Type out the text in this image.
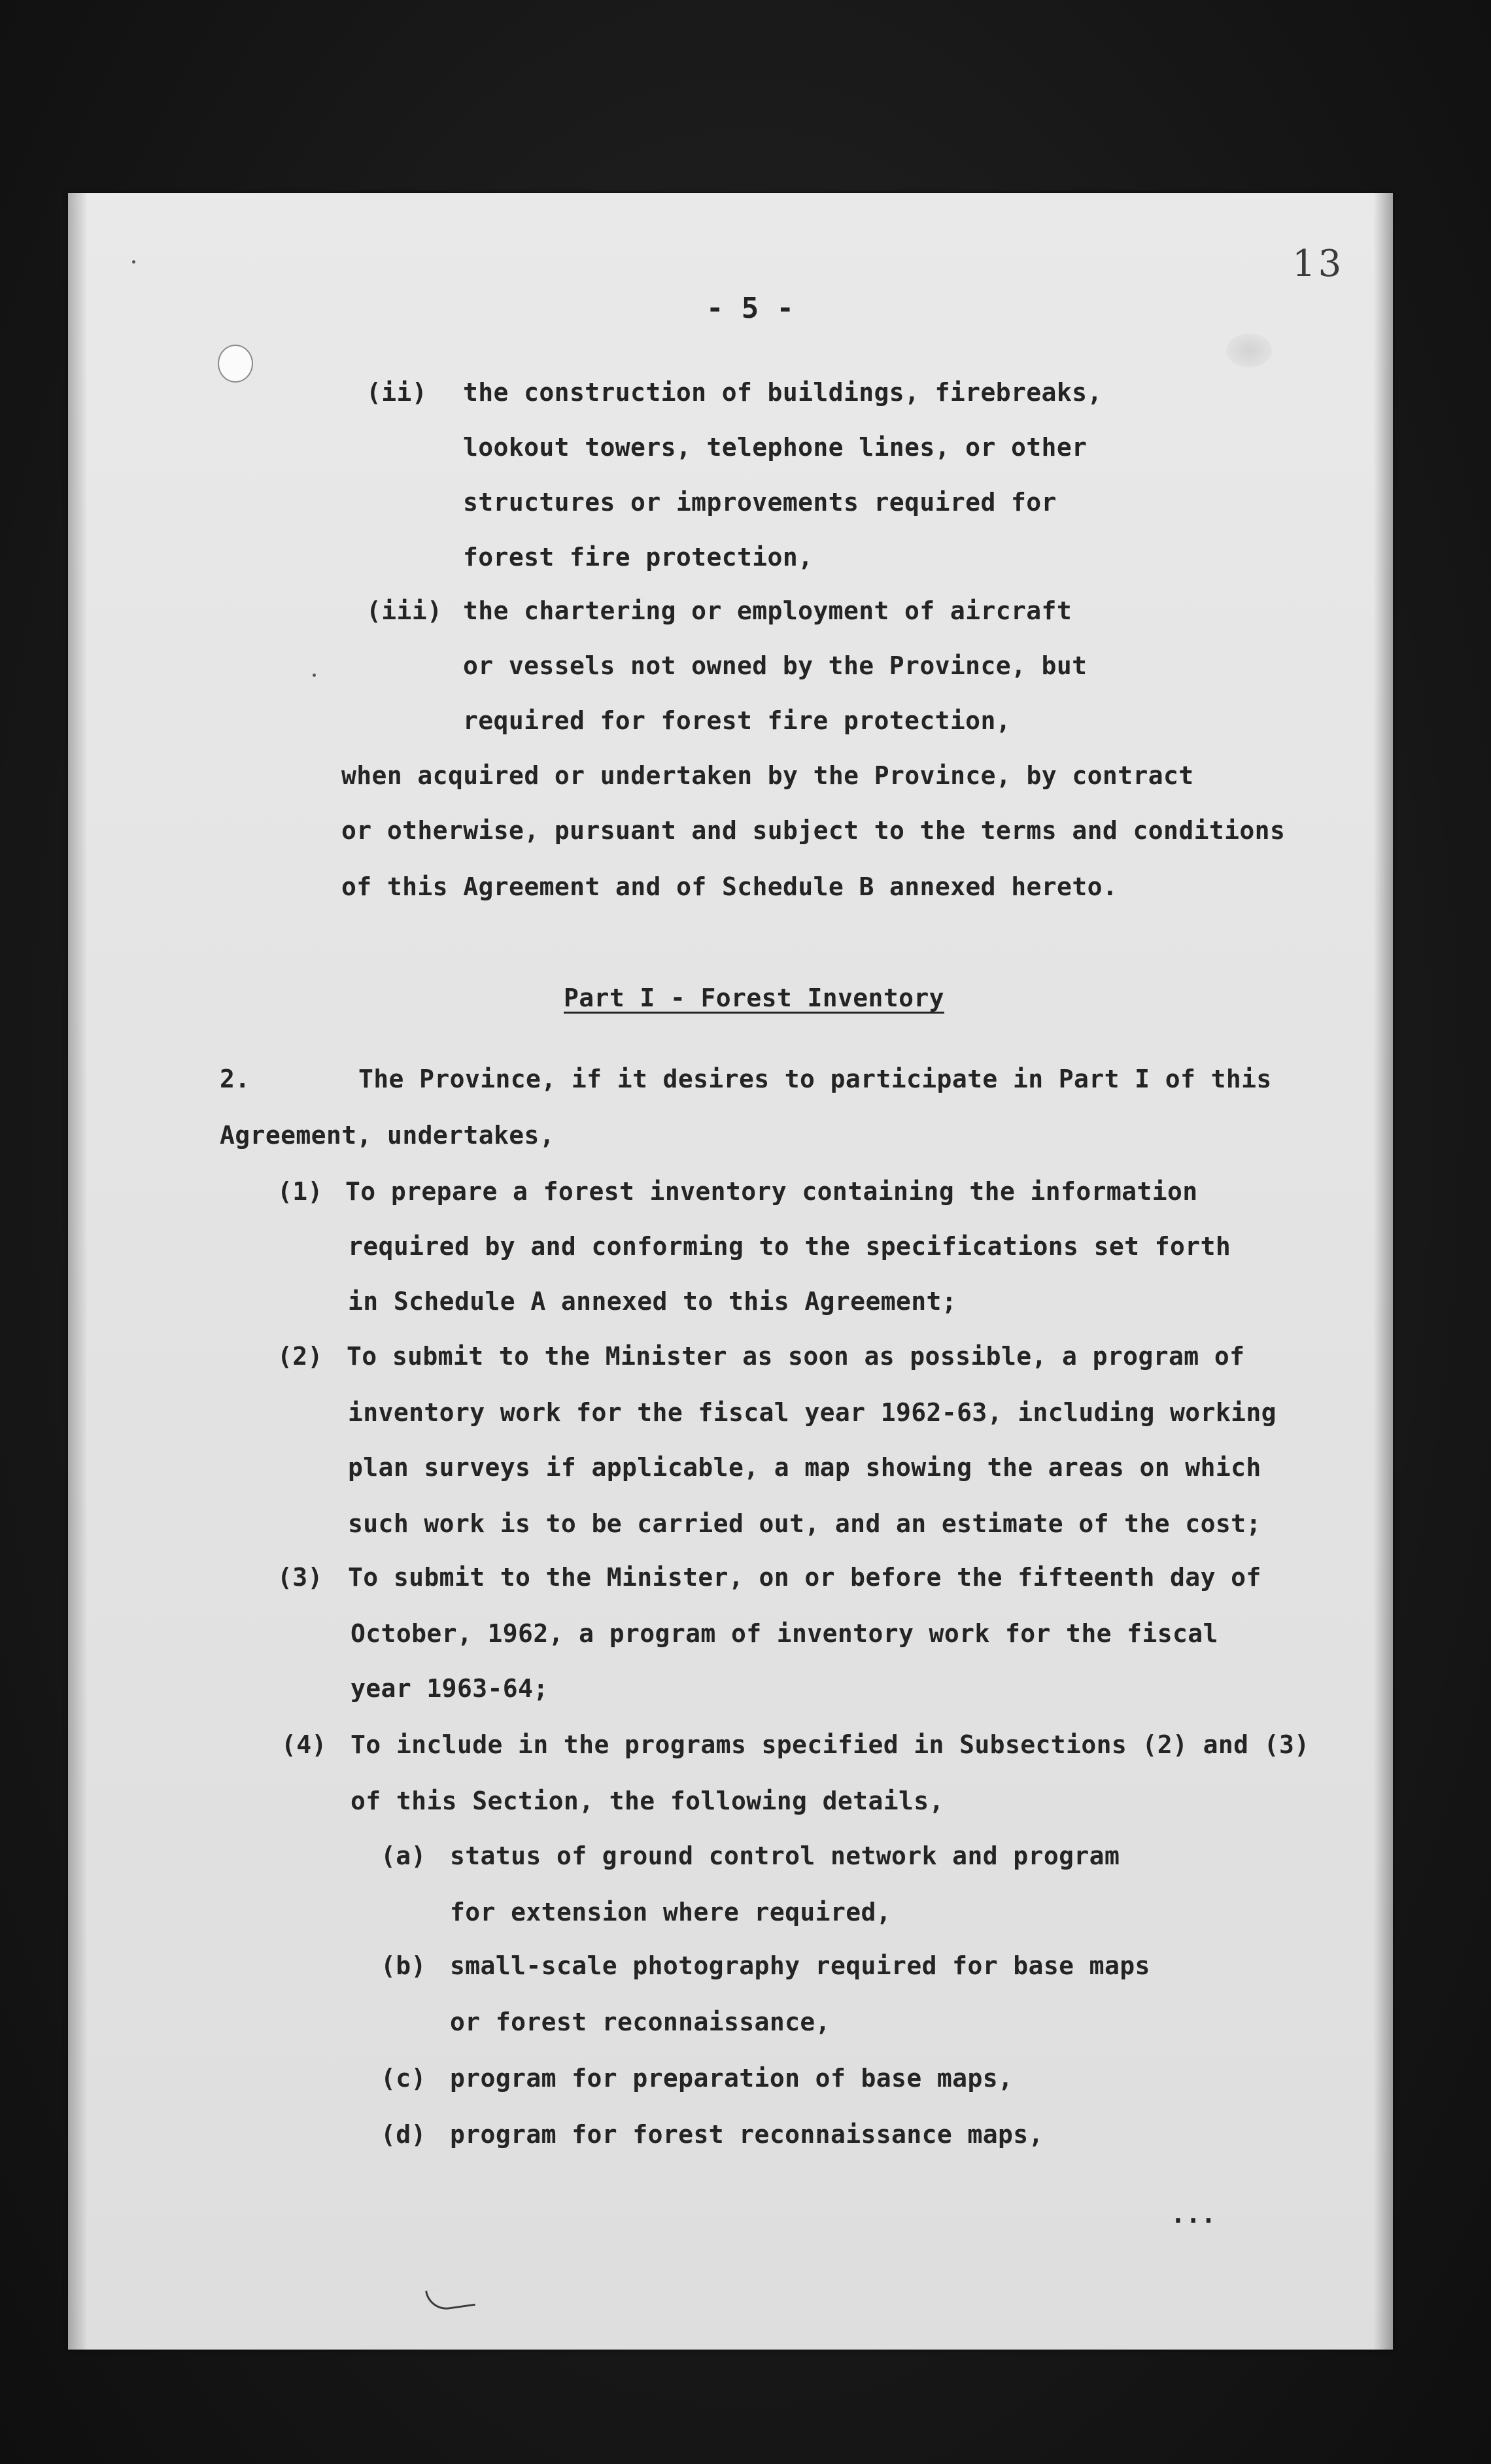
13
- 5 -
(ii) the construction of buildings, firebreaks,
lookout towers, telephone lines, or other
structures or improvements required for
forest fire protection,
(iii) the chartering or employment of aircraft
or vessels not owned by the Province, but
required for forest fire protection,
when acquired or undertaken by the Province, by contract
or otherwise, pursuant and subject to the terms and conditions
of this Agreement and of Schedule B annexed hereto.
Part I - Forest Inventory
2.	The Province, if it desires to participate in Part I of this
Agreement, undertakes,
(1) To prepare a forest inventory containing the information
required by and conforming to the specifications set forth
in Schedule A annexed to this Agreement;
(2) To submit to the Minister as soon as possible, a program of
inventory work for the fiscal year 1962-63, including working
plan surveys if applicable, a map showing the areas on which
such work is to be carried out, and an estimate of the cost;
(3) To submit to the Minister, on or before the fifteenth day of
October, 1962, a program of inventory work for the fiscal
year 1963-64;
(4) To include in the programs specified in Subsections (2) and (3)
of this Section, the following details,
(a) status of ground control network and program
for extension where required,
(b) small-scale photography required for base maps
or forest reconnaissance,
(c) program for preparation of base maps,
(d) program for forest reconnaissance maps,
...
